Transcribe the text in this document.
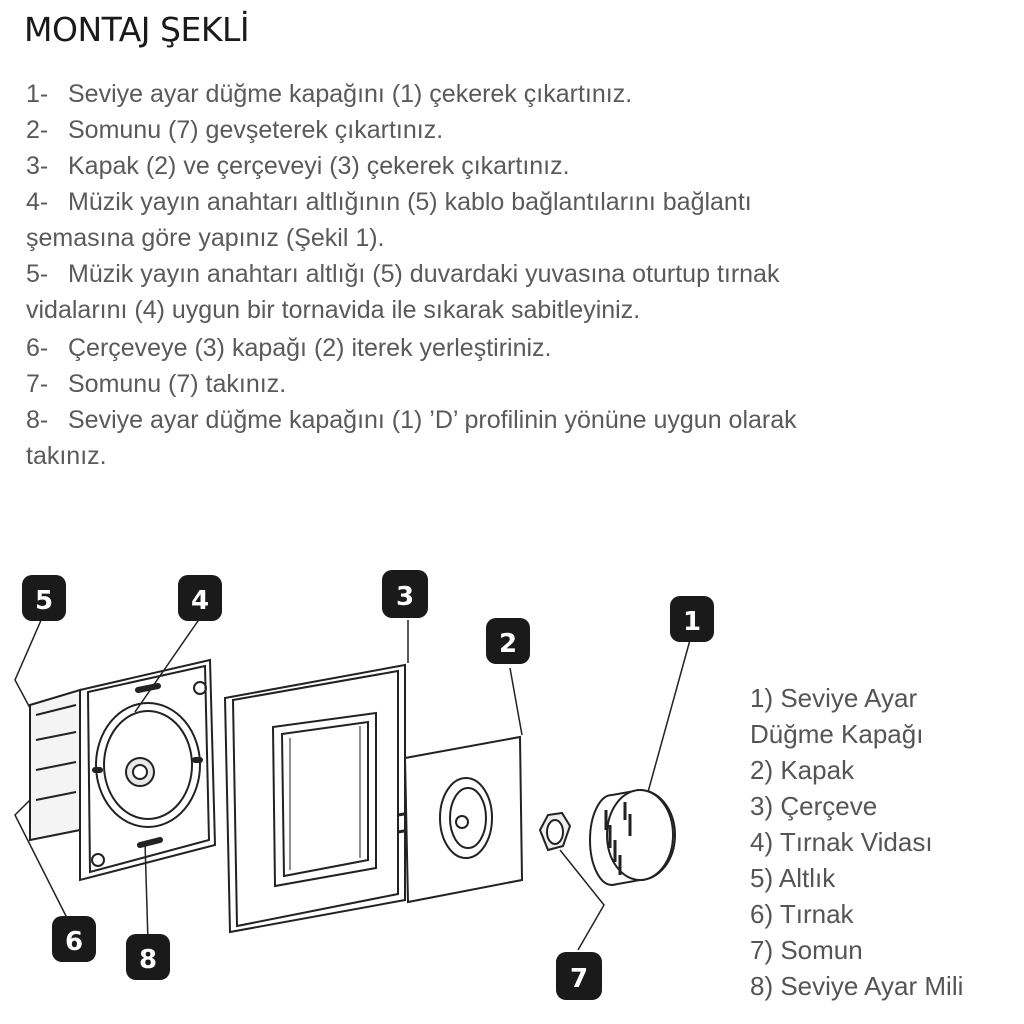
MONTAJ ŞEKLİ
1- Seviye ayar düğme kapağını (1) çekerek çıkartınız.
2- Somunu (7) gevşeterek çıkartınız.
3- Kapak (2) ve çerçeveyi (3) çekerek çıkartınız.
4- Müzik yayın anahtarı altlığının (5) kablo bağlantılarını bağlantı
şemasına göre yapınız (Şekil 1).
5- Müzik yayın anahtarı altlığı (5) duvardaki yuvasına oturtup tırnak
vidalarını (4) uygun bir tornavida ile sıkarak sabitleyiniz.
6- Çerçeveye (3) kapağı (2) iterek yerleştiriniz.
7- Somunu (7) takınız.
8- Seviye ayar düğme kapağını (1) ’D’ profilinin yönüne uygun olarak
takınız.
5	4	3
2
1
6
8
7
1) Seviye Ayar
Düğme Kapağı
2) Kapak
3) Çerçeve
4) Tırnak Vidası
5) Altlık
6) Tırnak
7) Somun
8) Seviye Ayar Mili
